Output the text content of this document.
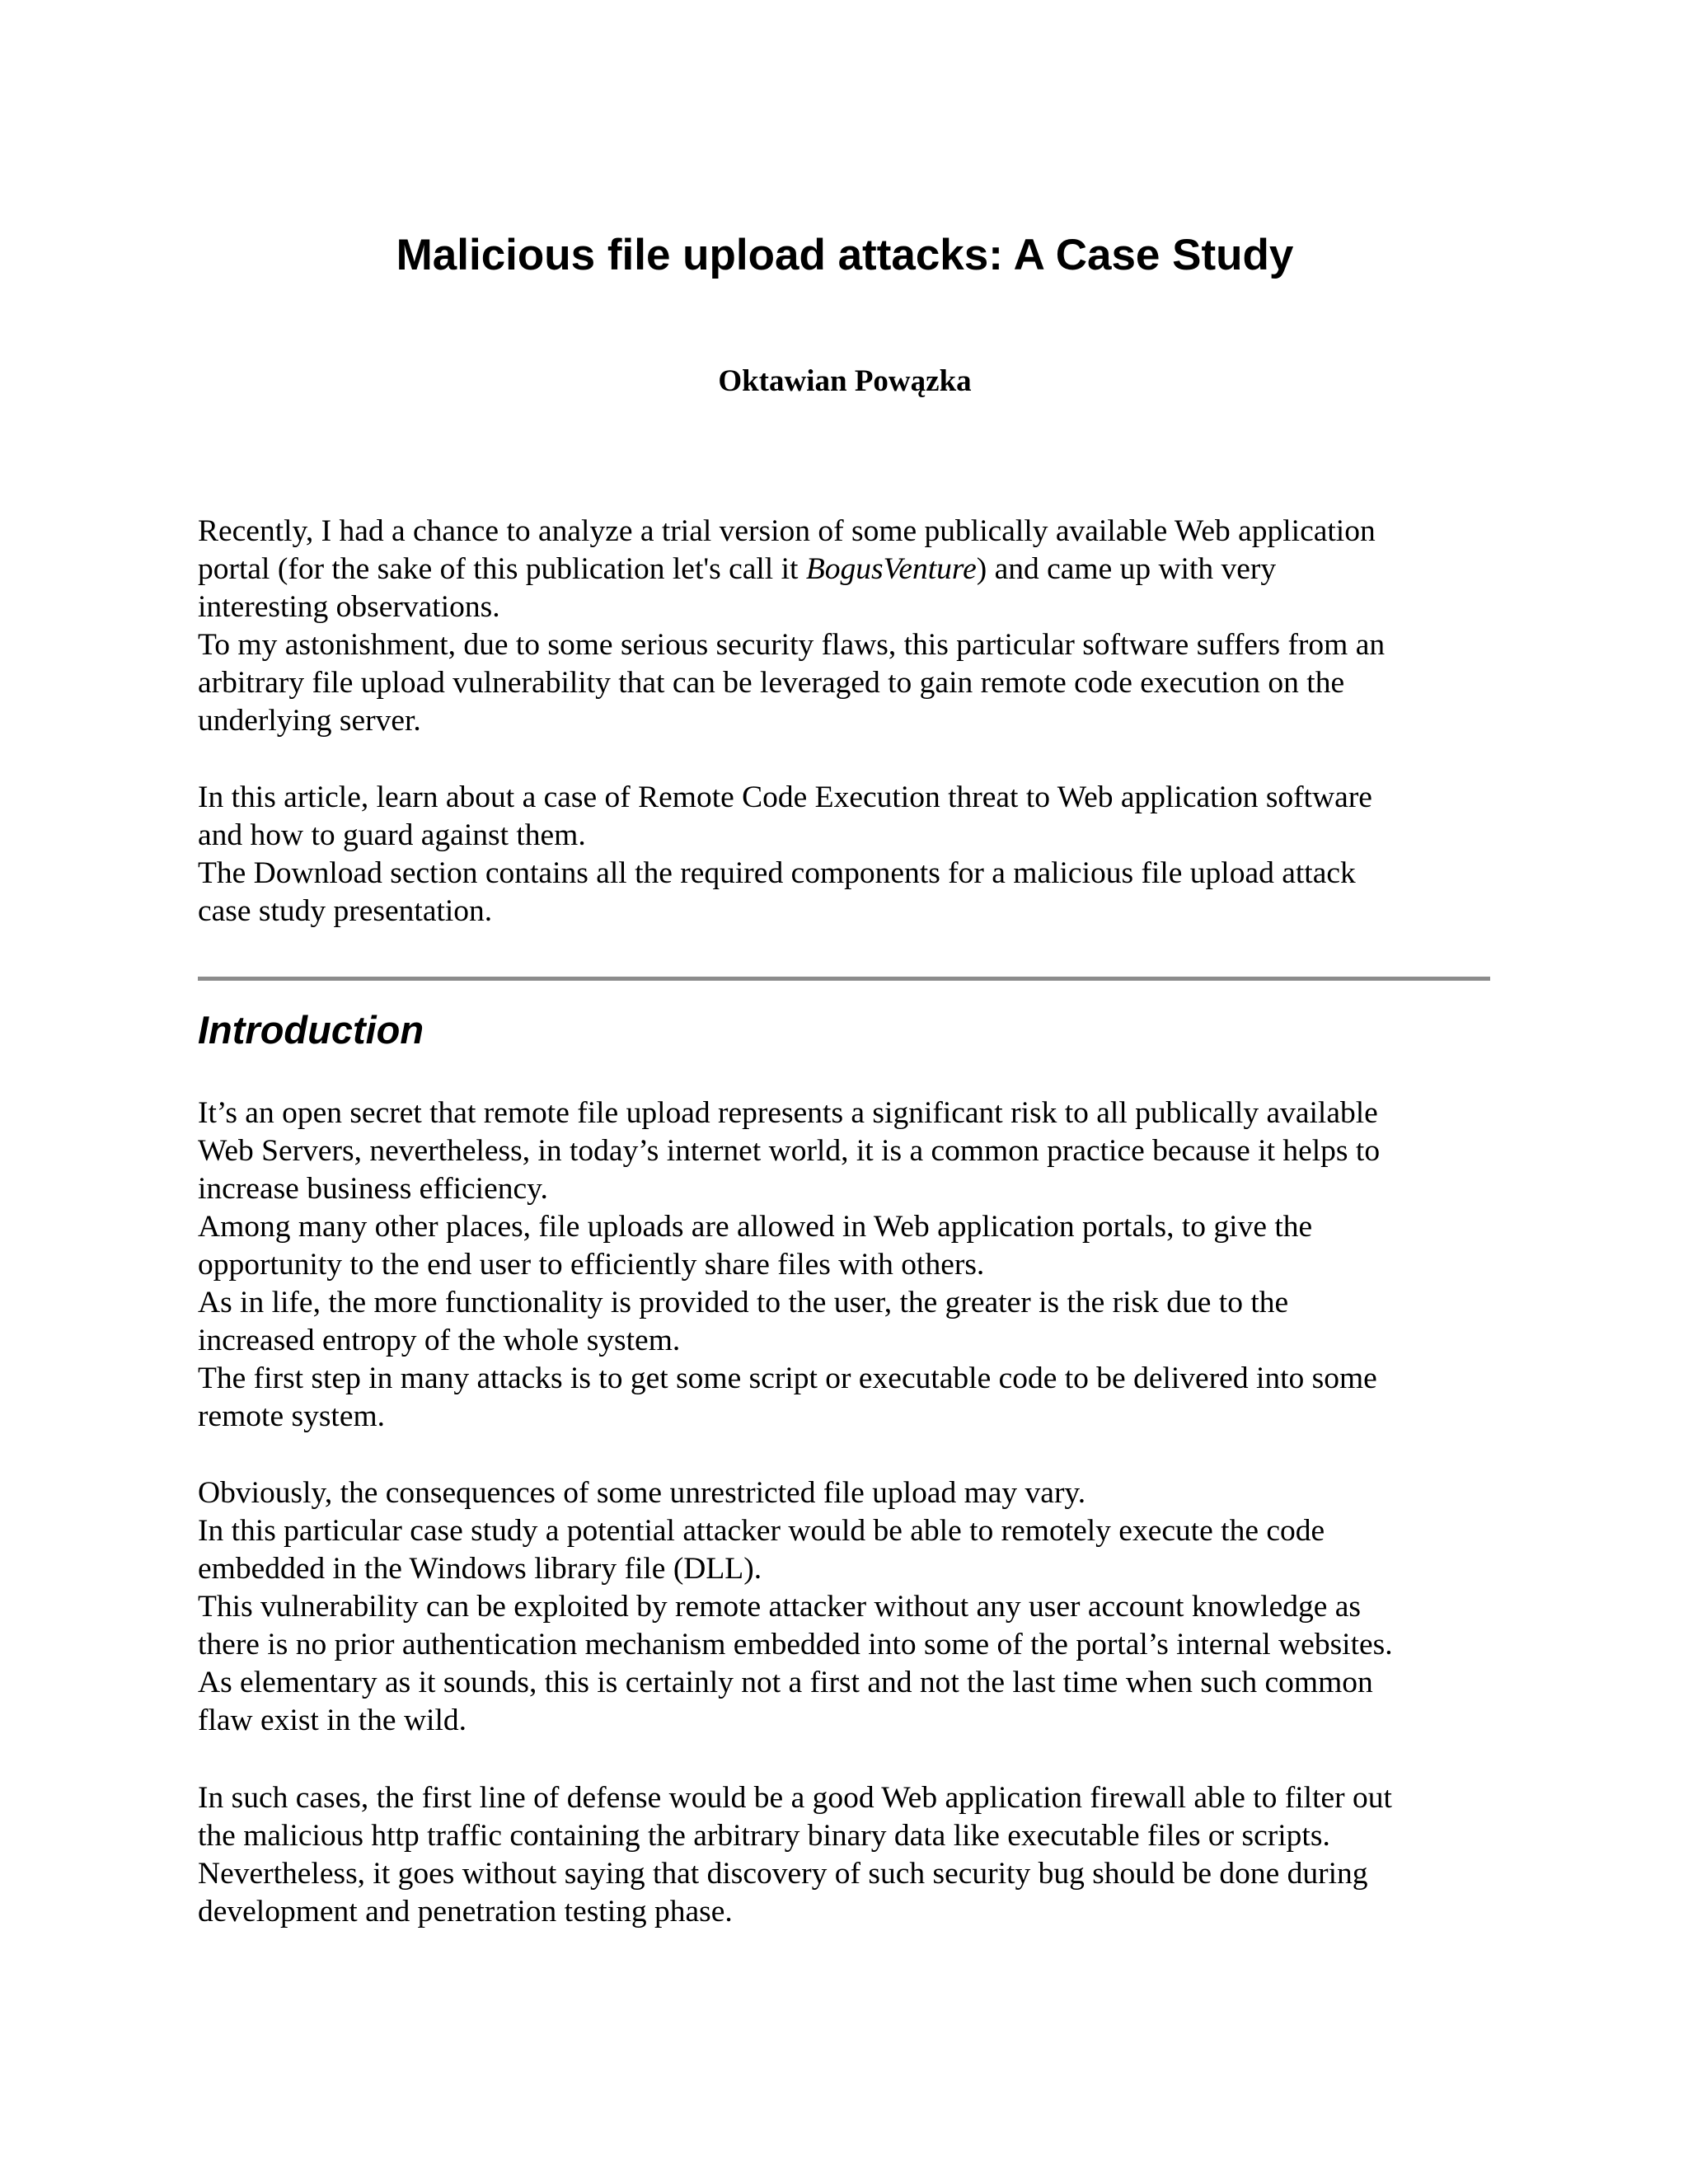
Malicious file upload attacks: A Case Study
Oktawian Powązka
Recently, I had a chance to analyze a trial version of some publically available Web application
portal (for the sake of this publication let's call it BogusVenture) and came up with very
interesting observations.
To my astonishment, due to some serious security flaws, this particular software suffers from an
arbitrary file upload vulnerability that can be leveraged to gain remote code execution on the
underlying server.
In this article, learn about a case of Remote Code Execution threat to Web application software
and how to guard against them.
The Download section contains all the required components for a malicious file upload attack
case study presentation.
Introduction
It’s an open secret that remote file upload represents a significant risk to all publically available
Web Servers, nevertheless, in today’s internet world, it is a common practice because it helps to
increase business efficiency.
Among many other places, file uploads are allowed in Web application portals, to give the
opportunity to the end user to efficiently share files with others.
As in life, the more functionality is provided to the user, the greater is the risk due to the
increased entropy of the whole system.
The first step in many attacks is to get some script or executable code to be delivered into some
remote system.
Obviously, the consequences of some unrestricted file upload may vary.
In this particular case study a potential attacker would be able to remotely execute the code
embedded in the Windows library file (DLL).
This vulnerability can be exploited by remote attacker without any user account knowledge as
there is no prior authentication mechanism embedded into some of the portal’s internal websites.
As elementary as it sounds, this is certainly not a first and not the last time when such common
flaw exist in the wild.
In such cases, the first line of defense would be a good Web application firewall able to filter out
the malicious http traffic containing the arbitrary binary data like executable files or scripts.
Nevertheless, it goes without saying that discovery of such security bug should be done during
development and penetration testing phase.
